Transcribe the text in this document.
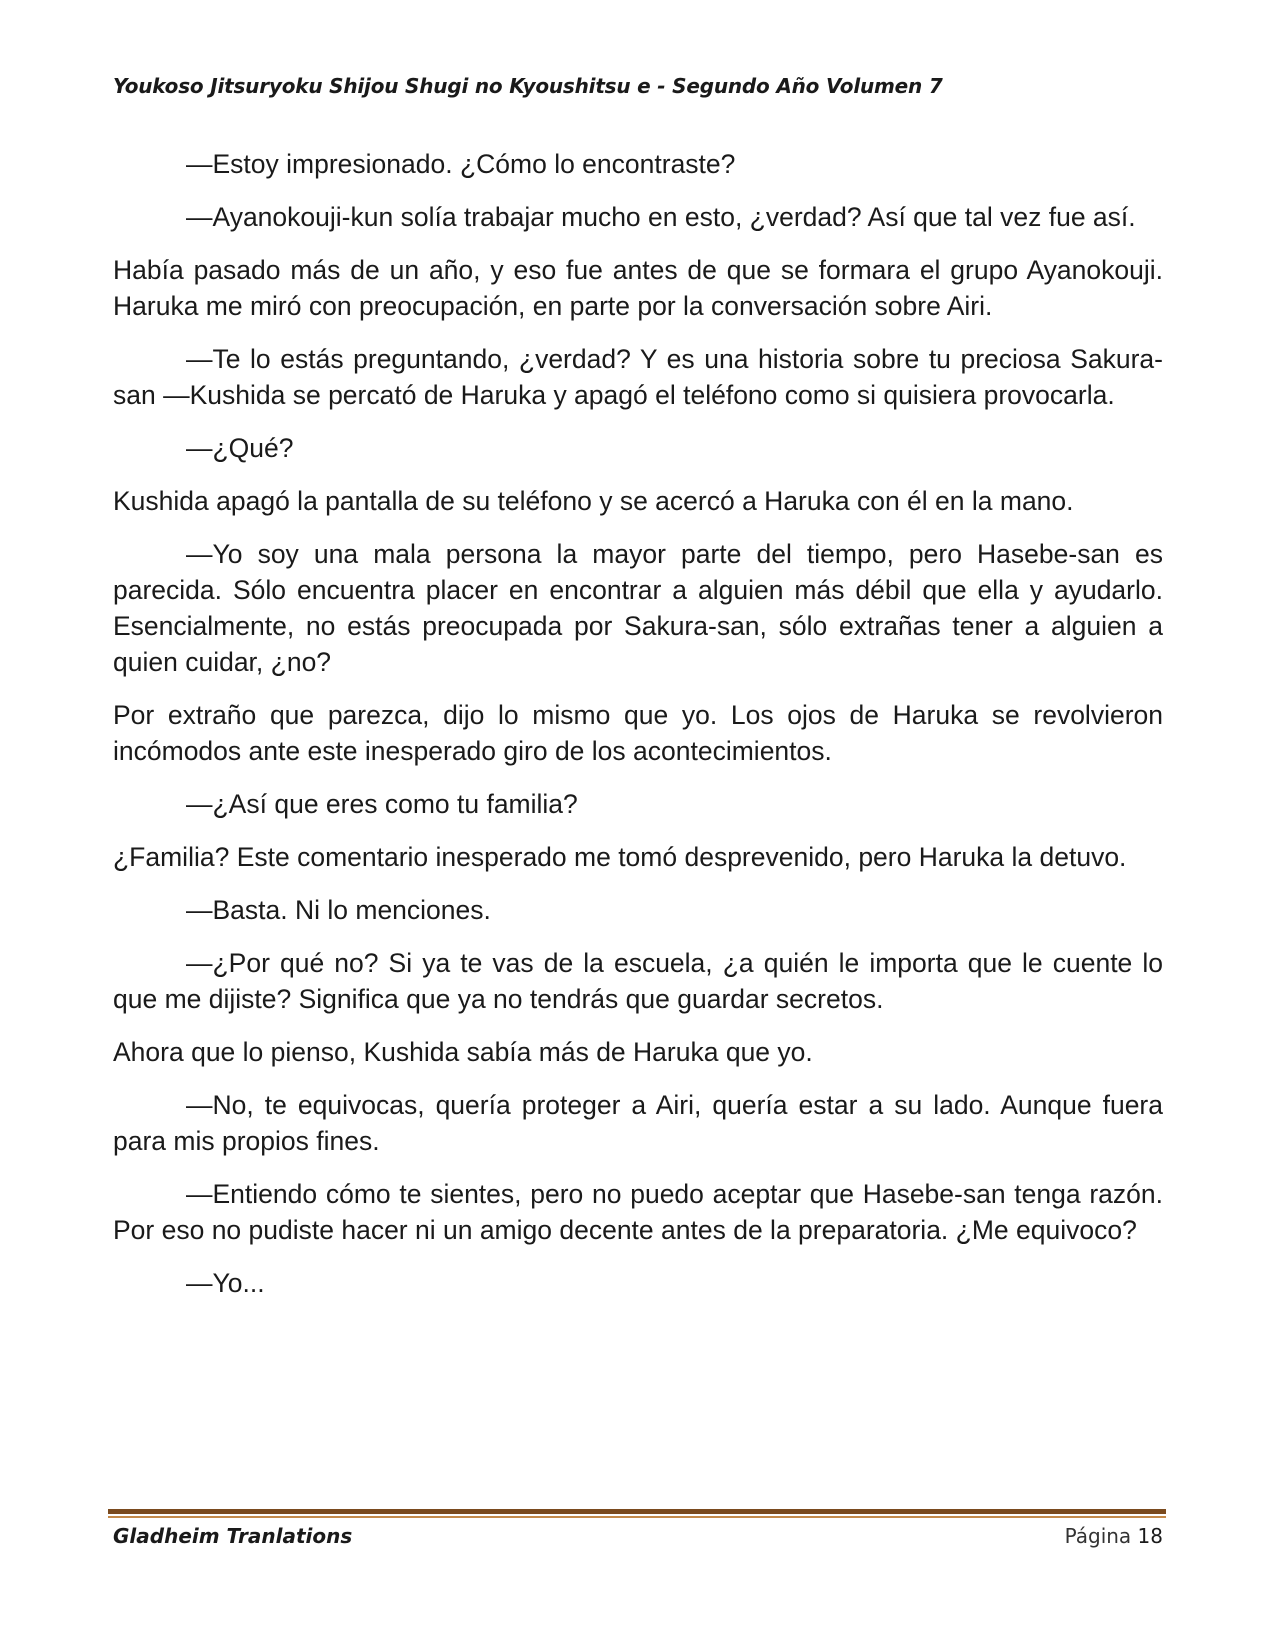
Youkoso Jitsuryoku Shijou Shugi no Kyoushitsu e - Segundo Año Volumen 7

—Estoy impresionado. ¿Cómo lo encontraste?

—Ayanokouji-kun solía trabajar mucho en esto, ¿verdad? Así que tal vez fue así.

Había pasado más de un año, y eso fue antes de que se formara el grupo Ayanokouji. Haruka me miró con preocupación, en parte por la conversación sobre Airi.

—Te lo estás preguntando, ¿verdad? Y es una historia sobre tu preciosa Sakura-san —Kushida se percató de Haruka y apagó el teléfono como si quisiera provocarla.

—¿Qué?

Kushida apagó la pantalla de su teléfono y se acercó a Haruka con él en la mano.

—Yo soy una mala persona la mayor parte del tiempo, pero Hasebe-san es parecida. Sólo encuentra placer en encontrar a alguien más débil que ella y ayudarlo. Esencialmente, no estás preocupada por Sakura-san, sólo extrañas tener a alguien a quien cuidar, ¿no?

Por extraño que parezca, dijo lo mismo que yo. Los ojos de Haruka se revolvieron incómodos ante este inesperado giro de los acontecimientos.

—¿Así que eres como tu familia?

¿Familia? Este comentario inesperado me tomó desprevenido, pero Haruka la detuvo.

—Basta. Ni lo menciones.

—¿Por qué no? Si ya te vas de la escuela, ¿a quién le importa que le cuente lo que me dijiste? Significa que ya no tendrás que guardar secretos.

Ahora que lo pienso, Kushida sabía más de Haruka que yo.

—No, te equivocas, quería proteger a Airi, quería estar a su lado. Aunque fuera para mis propios fines.

—Entiendo cómo te sientes, pero no puedo aceptar que Hasebe-san tenga razón. Por eso no pudiste hacer ni un amigo decente antes de la preparatoria. ¿Me equivoco?

—Yo...

Gladheim Tranlations	Página 18
